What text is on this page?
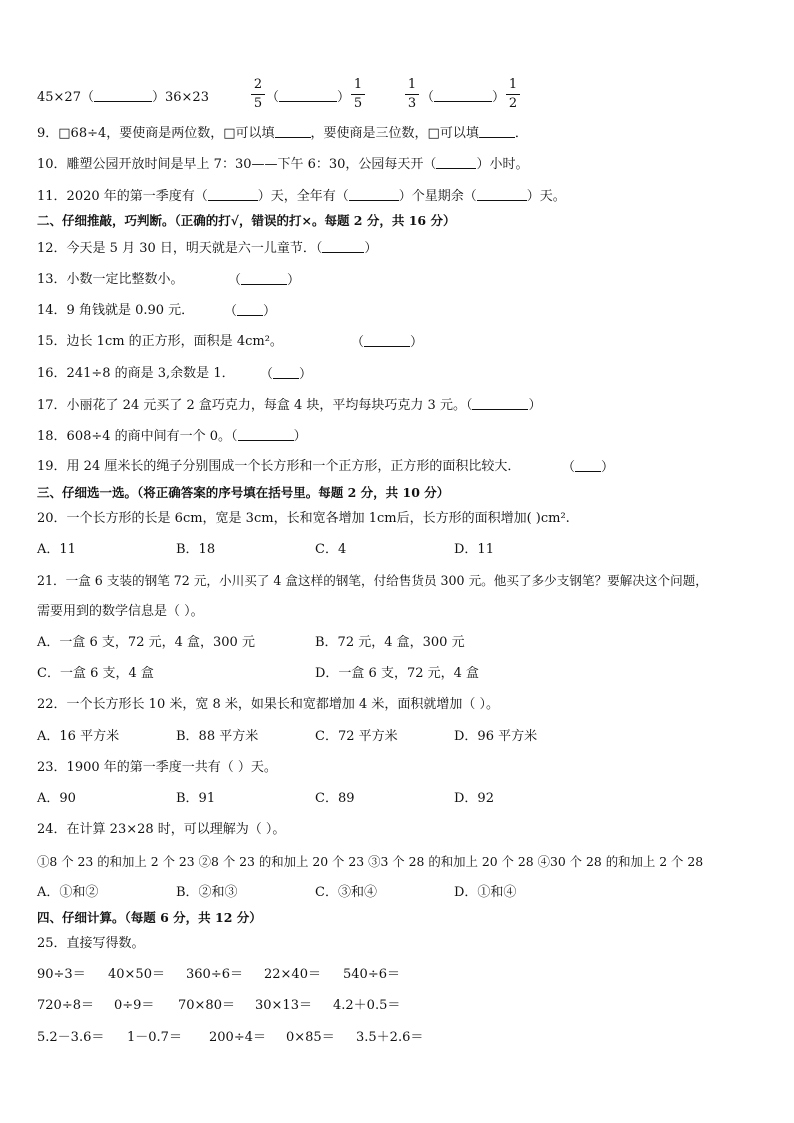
45×27（	）36×23
2
5 （	）
1
5
1
3 （	）
1
2
9．□68÷4，要使商是两位数，□可以填	，要使商是三位数，□可以填	．
10．雕塑公园开放时间是早上 7：30——下午 6：30，公园每天开（	）小时。
11．2020 年的第一季度有（	）天，全年有（	）个星期余（	）天。
二、仔细推敲，巧判断。（正确的打√，错误的打×。每题 2 分，共 16 分）
12．今天是 5 月 30 日，明天就是六一儿童节．（	）
13．小数一定比整数小。	（	）
14．9 角钱就是 0.90 元． （ ）
15．边长 1cm 的正方形，面积是 4cm²。	（	）
16．241÷8 的商是 3,余数是 1． （ ）
17．小丽花了 24 元买了 2 盒巧克力，每盒 4 块，平均每块巧克力 3 元。（	）
18．608÷4 的商中间有一个 0。（	）
19．用 24 厘米长的绳子分别围成一个长方形和一个正方形，正方形的面积比较大．	（ ）
三、仔细选一选。（将正确答案的序号填在括号里。每题 2 分，共 10 分）
20．一个长方形的长是 6cm，宽是 3cm，长和宽各增加 1cm后，长方形的面积增加( )cm².
A．11	B．18	C．4	D．11
21．一盒 6 支装的钢笔 72 元，小川买了 4 盒这样的钢笔，付给售货员 300 元。他买了多少支钢笔？要解决这个问题，
需要用到的数学信息是（ ）。
A．一盒 6 支，72 元，4 盒，300 元	B．72 元，4 盒，300 元
C．一盒 6 支，4 盒	D．一盒 6 支，72 元，4 盒
22．一个长方形长 10 米，宽 8 米，如果长和宽都增加 4 米，面积就增加（ ）。
A．16 平方米	B．88 平方米	C．72 平方米	D．96 平方米
23．1900 年的第一季度一共有（ ）天。
A．90	B．91	C．89	D．92
24．在计算 23×28 时，可以理解为（ ）。
①8 个 23 的和加上 2 个 23 ②8 个 23 的和加上 20 个 23 ③3 个 28 的和加上 20 个 28 ④30 个 28 的和加上 2 个 28
A．①和②	B．②和③	C．③和④	D．①和④
四、仔细计算。（每题 6 分，共 12 分）
25．直接写得数。
90÷3＝ 40×50＝ 360÷6＝ 22×40＝ 540÷6＝
720÷8＝ 0÷9＝ 70×80＝ 30×13＝ 4.2＋0.5＝
5.2－3.6＝ 1－0.7＝ 200÷4＝ 0×85＝ 3.5＋2.6＝
